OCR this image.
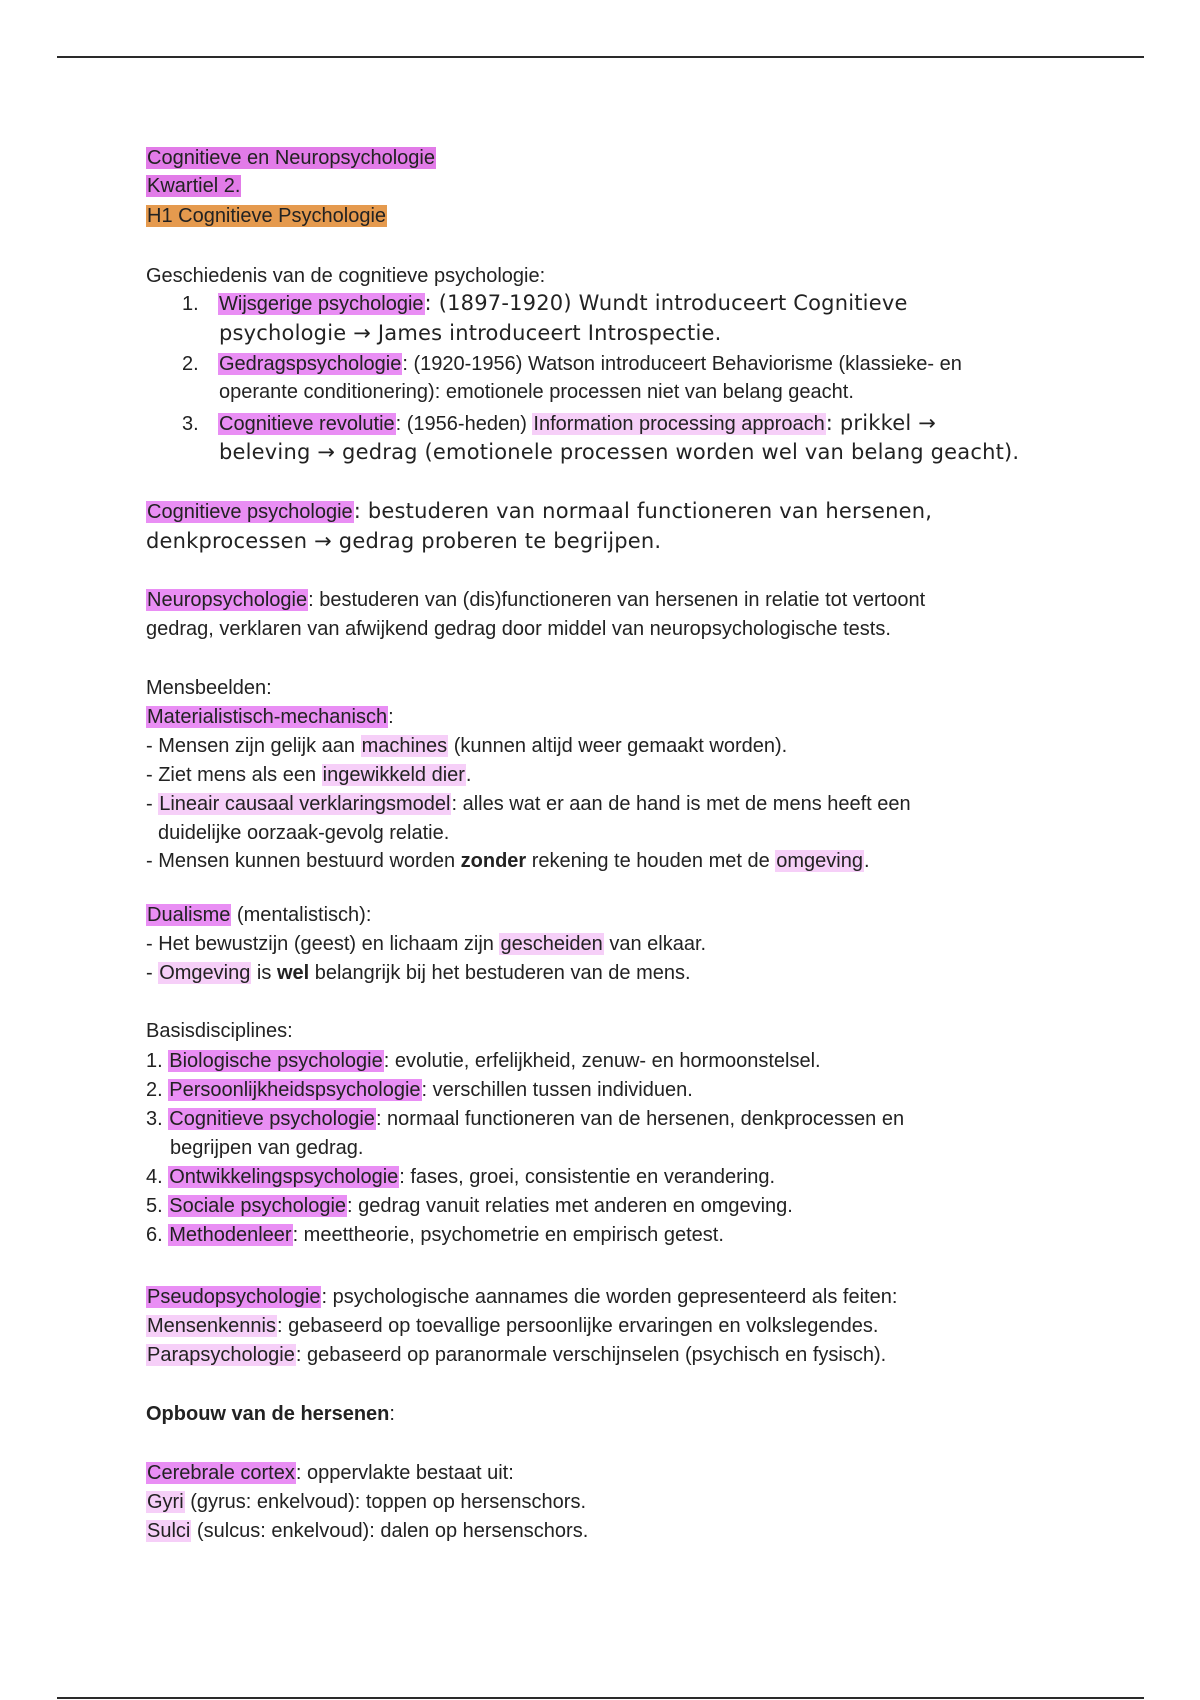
Cognitieve en Neuropsychologie
Kwartiel 2.
H1 Cognitieve Psychologie
Geschiedenis van de cognitieve psychologie:
1. Wijsgerige psychologie: (1897-1920) Wundt introduceert Cognitieve
psychologie → James introduceert Introspectie.
2. Gedragspsychologie: (1920-1956) Watson introduceert Behaviorisme (klassieke- en
operante conditionering): emotionele processen niet van belang geacht.
3. Cognitieve revolutie: (1956-heden) Information processing approach: prikkel →
beleving → gedrag (emotionele processen worden wel van belang geacht).
Cognitieve psychologie: bestuderen van normaal functioneren van hersenen,
denkprocessen → gedrag proberen te begrijpen.
Neuropsychologie: bestuderen van (dis)functioneren van hersenen in relatie tot vertoont
gedrag, verklaren van afwijkend gedrag door middel van neuropsychologische tests.
Mensbeelden:
Materialistisch-mechanisch:
- Mensen zijn gelijk aan machines (kunnen altijd weer gemaakt worden).
- Ziet mens als een ingewikkeld dier.
- Lineair causaal verklaringsmodel: alles wat er aan de hand is met de mens heeft een
duidelijke oorzaak-gevolg relatie.
- Mensen kunnen bestuurd worden zonder rekening te houden met de omgeving.
Dualisme (mentalistisch):
- Het bewustzijn (geest) en lichaam zijn gescheiden van elkaar.
- Omgeving is wel belangrijk bij het bestuderen van de mens.
Basisdisciplines:
1. Biologische psychologie: evolutie, erfelijkheid, zenuw- en hormoonstelsel.
2. Persoonlijkheidspsychologie: verschillen tussen individuen.
3. Cognitieve psychologie: normaal functioneren van de hersenen, denkprocessen en
begrijpen van gedrag.
4. Ontwikkelingspsychologie: fases, groei, consistentie en verandering.
5. Sociale psychologie: gedrag vanuit relaties met anderen en omgeving.
6. Methodenleer: meettheorie, psychometrie en empirisch getest.
Pseudopsychologie: psychologische aannames die worden gepresenteerd als feiten:
Mensenkennis: gebaseerd op toevallige persoonlijke ervaringen en volkslegendes.
Parapsychologie: gebaseerd op paranormale verschijnselen (psychisch en fysisch).
Opbouw van de hersenen:
Cerebrale cortex: oppervlakte bestaat uit:
Gyri (gyrus: enkelvoud): toppen op hersenschors.
Sulci (sulcus: enkelvoud): dalen op hersenschors.
